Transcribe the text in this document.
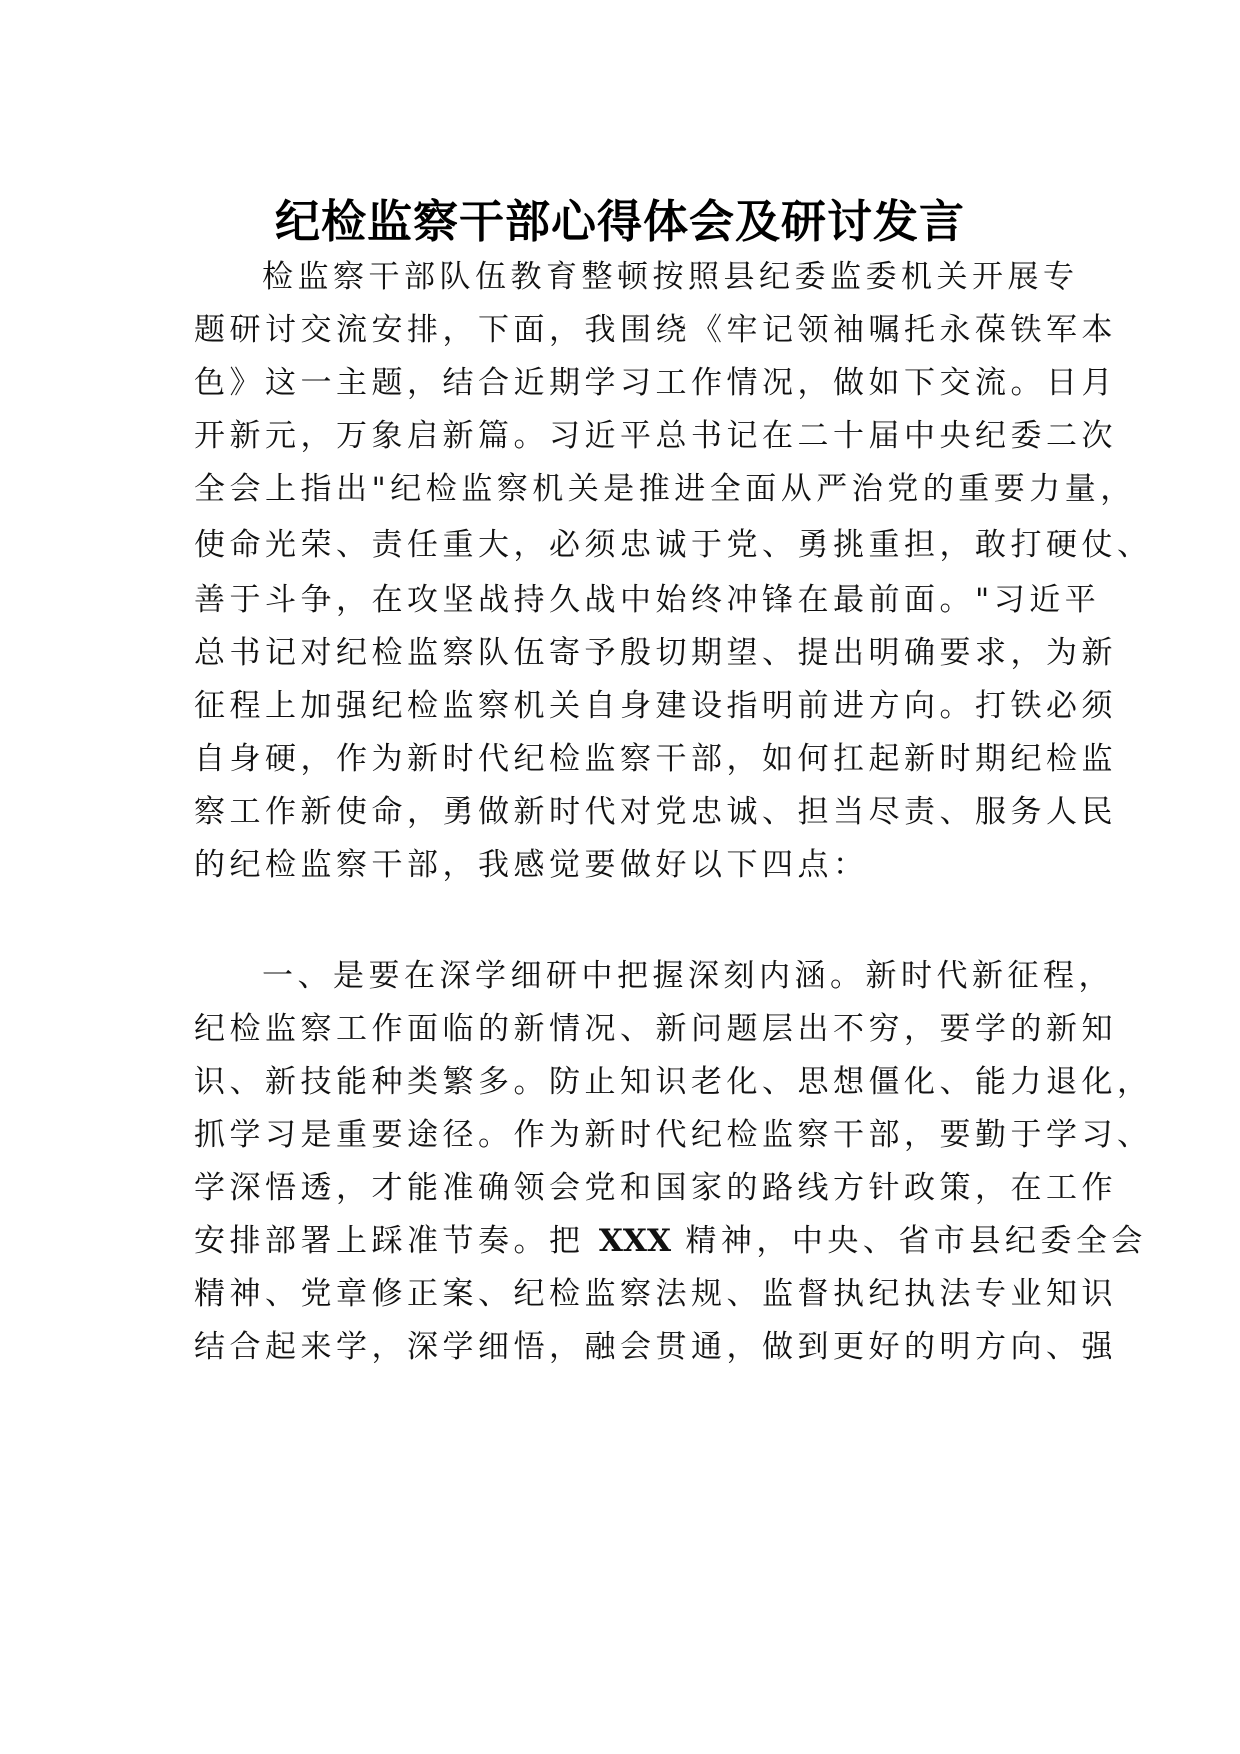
纪检监察干部心得体会及研讨发言
检监察干部队伍教育整顿按照县纪委监委机关开展专
题研讨交流安排，下面，我围绕《牢记领袖嘱托永葆铁军本
色》这一主题，结合近期学习工作情况，做如下交流。日月
开新元，万象启新篇。习近平总书记在二十届中央纪委二次
全会上指出"纪检监察机关是推进全面从严治党的重要力量，
使命光荣、责任重大，必须忠诚于党、勇挑重担，敢打硬仗、
善于斗争，在攻坚战持久战中始终冲锋在最前面。"习近平
总书记对纪检监察队伍寄予殷切期望、提出明确要求，为新
征程上加强纪检监察机关自身建设指明前进方向。打铁必须
自身硬，作为新时代纪检监察干部，如何扛起新时期纪检监
察工作新使命，勇做新时代对党忠诚、担当尽责、服务人民
的纪检监察干部，我感觉要做好以下四点：
一、是要在深学细研中把握深刻内涵。新时代新征程，
纪检监察工作面临的新情况、新问题层出不穷，要学的新知
识、新技能种类繁多。防止知识老化、思想僵化、能力退化，
抓学习是重要途径。作为新时代纪检监察干部，要勤于学习、
学深悟透，才能准确领会党和国家的路线方针政策，在工作
安排部署上踩准节奏。把 XXX 精神，中央、省市县纪委全会
精神、党章修正案、纪检监察法规、监督执纪执法专业知识
结合起来学，深学细悟，融会贯通，做到更好的明方向、强
